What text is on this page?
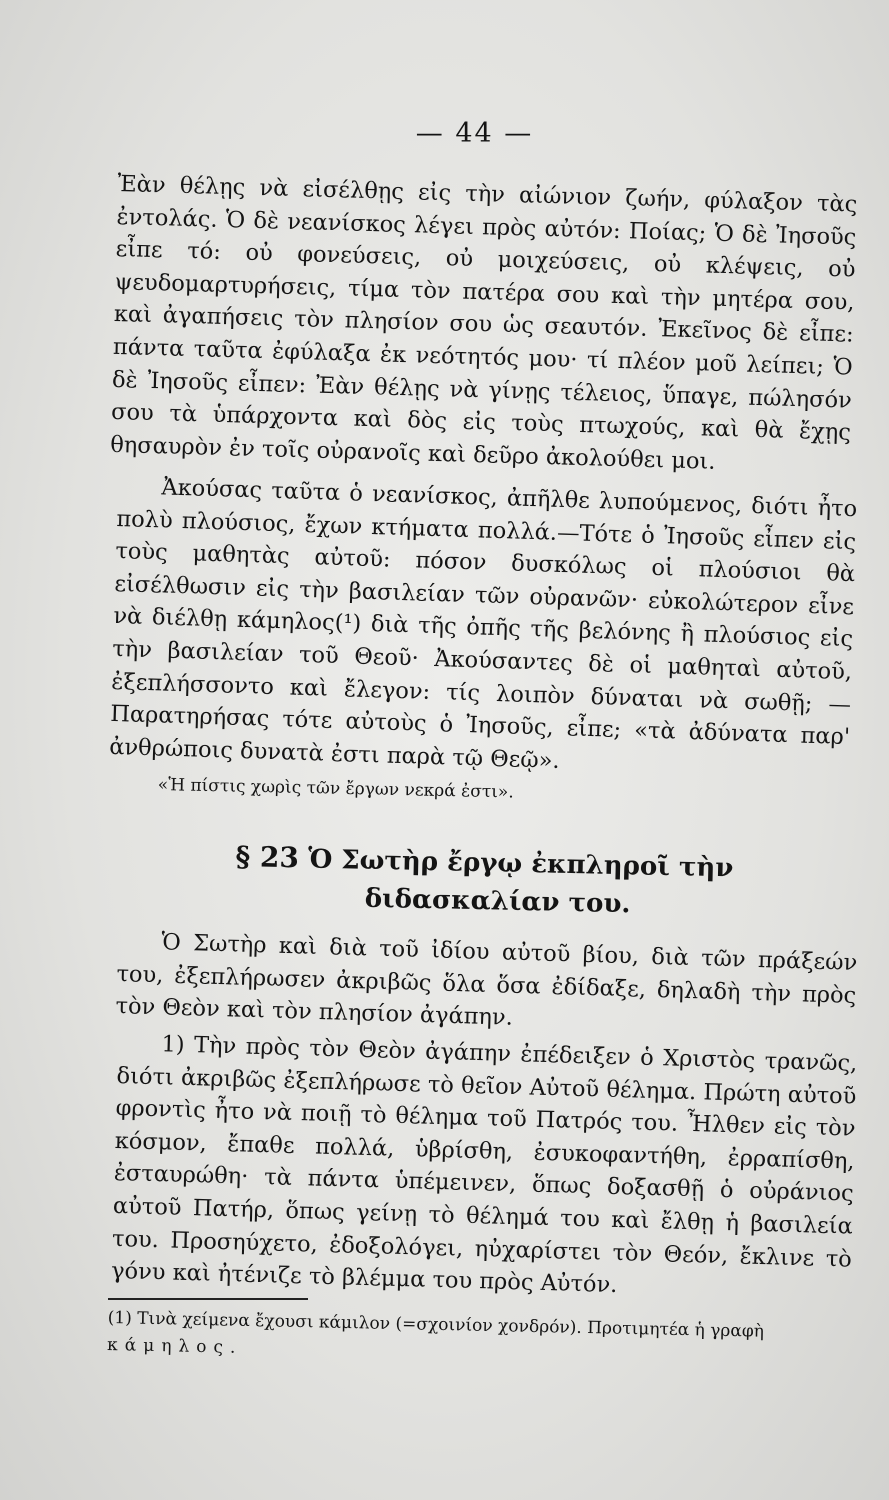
— 44 —

Ἐὰν θέλῃς νὰ εἰσέλθῃς εἰς τὴν αἰώνιον ζωήν, φύλαξον τὰς ἐντολάς. Ὁ δὲ νεανίσκος λέγει πρὸς αὐτόν: Ποίας; Ὁ δὲ Ἰησοῦς εἶπε τό: οὐ φονεύσεις, οὐ μοιχεύσεις, οὐ κλέψεις, οὐ ψευδομαρτυρήσεις, τίμα τὸν πατέρα σου καὶ τὴν μητέρα σου, καὶ ἀγαπήσεις τὸν πλησίον σου ὡς σεαυτόν. Ἐκεῖνος δὲ εἶπε: πάντα ταῦτα ἐφύλαξα ἐκ νεότητός μου· τί πλέον μοῦ λείπει; Ὁ δὲ Ἰησοῦς εἶπεν: Ἐὰν θέλῃς νὰ γίνῃς τέλειος, ὕπαγε, πώλησόν σου τὰ ὑπάρχοντα καὶ δὸς εἰς τοὺς πτωχούς, καὶ θὰ ἔχῃς θησαυρὸν ἐν τοῖς οὐρανοῖς καὶ δεῦρο ἀκολούθει μοι.

Ἀκούσας ταῦτα ὁ νεανίσκος, ἀπῆλθε λυπούμενος, διότι ἦτο πολὺ πλούσιος, ἔχων κτήματα πολλά.—Τότε ὁ Ἰησοῦς εἶπεν εἰς τοὺς μαθητὰς αὐτοῦ: πόσον δυσκόλως οἱ πλούσιοι θὰ εἰσέλθωσιν εἰς τὴν βασιλείαν τῶν οὐρανῶν· εὐκολώτερον εἶνε νὰ διέλθῃ κάμηλος(¹) διὰ τῆς ὀπῆς τῆς βελόνης ἢ πλούσιος εἰς τὴν βασιλείαν τοῦ Θεοῦ· Ἀκούσαντες δὲ οἱ μαθηταὶ αὐτοῦ, ἐξεπλήσσοντο καὶ ἔλεγον: τίς λοιπὸν δύναται νὰ σωθῇ; —Παρατηρήσας τότε αὐτοὺς ὁ Ἰησοῦς, εἶπε; «τὰ ἀδύνατα παρ' ἀνθρώποις δυνατὰ ἐστι παρὰ τῷ Θεῷ».

«Ἡ πίστις χωρὶς τῶν ἔργων νεκρά ἐστι».
§ 23 Ὁ Σωτὴρ ἔργῳ ἐκπληροῖ τὴν
διδασκαλίαν του.

Ὁ Σωτὴρ καὶ διὰ τοῦ ἰδίου αὐτοῦ βίου, διὰ τῶν πράξεών του, ἐξεπλήρωσεν ἀκριβῶς ὅλα ὅσα ἐδίδαξε, δηλαδὴ τὴν πρὸς τὸν Θεὸν καὶ τὸν πλησίον ἀγάπην.

1) Τὴν πρὸς τὸν Θεὸν ἀγάπην ἐπέδειξεν ὁ Χριστὸς τρανῶς, διότι ἀκριβῶς ἐξεπλήρωσε τὸ θεῖον Αὐτοῦ θέλημα. Πρώτη αὐτοῦ φροντὶς ἦτο νὰ ποιῇ τὸ θέλημα τοῦ Πατρός του. Ἦλθεν εἰς τὸν κόσμον, ἔπαθε πολλά, ὑβρίσθη, ἐσυκοφαντήθη, ἐρραπίσθη, ἐσταυρώθη· τὰ πάντα ὑπέμεινεν, ὅπως δοξασθῇ ὁ οὐράνιος αὐτοῦ Πατήρ, ὅπως γείνῃ τὸ θέλημά του καὶ ἔλθῃ ἡ βασιλεία του. Προσηύχετο, ἐδοξολόγει, ηὐχαρίστει τὸν Θεόν, ἔκλινε τὸ γόνυ καὶ ἠτένιζε τὸ βλέμμα του πρὸς Αὐτόν.

(1) Τινὰ χείμενα ἔχουσι κάμιλον (=σχοινίον χονδρόν). Προτιμητέα ἡ γραφὴ κάμηλος.
